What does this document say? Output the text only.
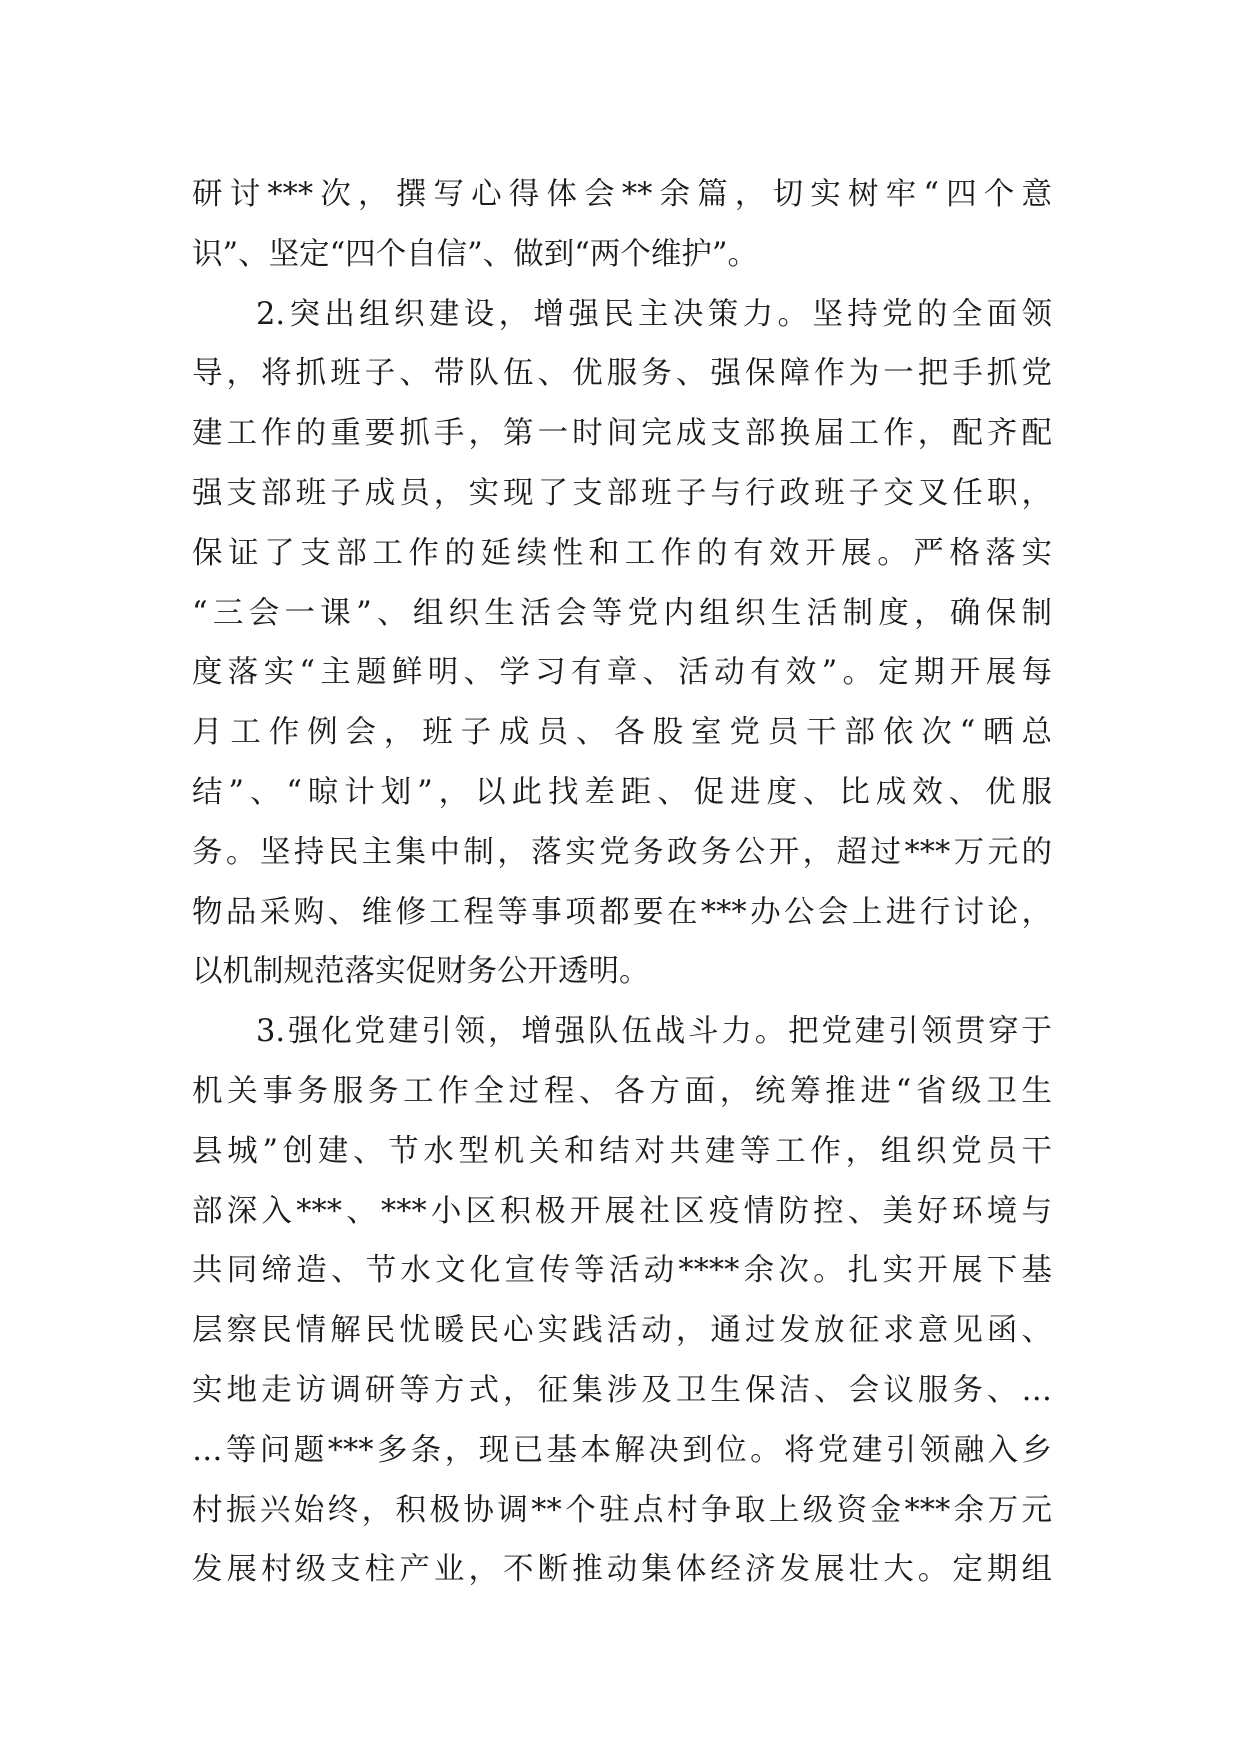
研讨***次，撰写心得体会**余篇，切实树牢“四个意
识”、坚定“四个自信”、做到“两个维护”。
2.突出组织建设，增强民主决策力。坚持党的全面领
导，将抓班子、带队伍、优服务、强保障作为一把手抓党
建工作的重要抓手，第一时间完成支部换届工作，配齐配
强支部班子成员，实现了支部班子与行政班子交叉任职，
保证了支部工作的延续性和工作的有效开展。严格落实
“三会一课”、组织生活会等党内组织生活制度，确保制
度落实“主题鲜明、学习有章、活动有效”。定期开展每
月工作例会，班子成员、各股室党员干部依次“晒总
结”、“晾计划”，以此找差距、促进度、比成效、优服
务。坚持民主集中制，落实党务政务公开，超过***万元的
物品采购、维修工程等事项都要在***办公会上进行讨论，
以机制规范落实促财务公开透明。
3.强化党建引领，增强队伍战斗力。把党建引领贯穿于
机关事务服务工作全过程、各方面，统筹推进“省级卫生
县城”创建、节水型机关和结对共建等工作，组织党员干
部深入***、***小区积极开展社区疫情防控、美好环境与
共同缔造、节水文化宣传等活动****余次。扎实开展下基
层察民情解民忧暖民心实践活动，通过发放征求意见函、
实地走访调研等方式，征集涉及卫生保洁、会议服务、…
…等问题***多条，现已基本解决到位。将党建引领融入乡
村振兴始终，积极协调**个驻点村争取上级资金***余万元
发展村级支柱产业，不断推动集体经济发展壮大。定期组
